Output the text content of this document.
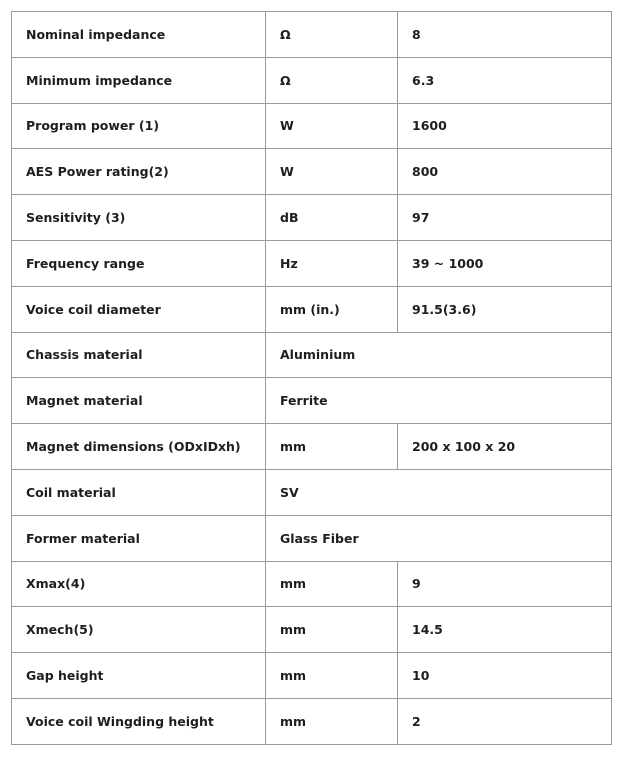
Nominal impedance	Ω	8
Minimum impedance	Ω	6.3
Program power (1)	W	1600
AES Power rating(2)	W	800
Sensitivity (3)	dB	97
Frequency range	Hz	39 ~ 1000
Voice coil diameter	mm (in.)	91.5(3.6)
Chassis material	Aluminium	
Magnet material	Ferrite	
Magnet dimensions (ODxIDxh)	mm	200 x 100 x 20
Coil material	SV	
Former material	Glass Fiber	
Xmax(4)	mm	9
Xmech(5)	mm	14.5
Gap height	mm	10
Voice coil Wingding height	mm	2
